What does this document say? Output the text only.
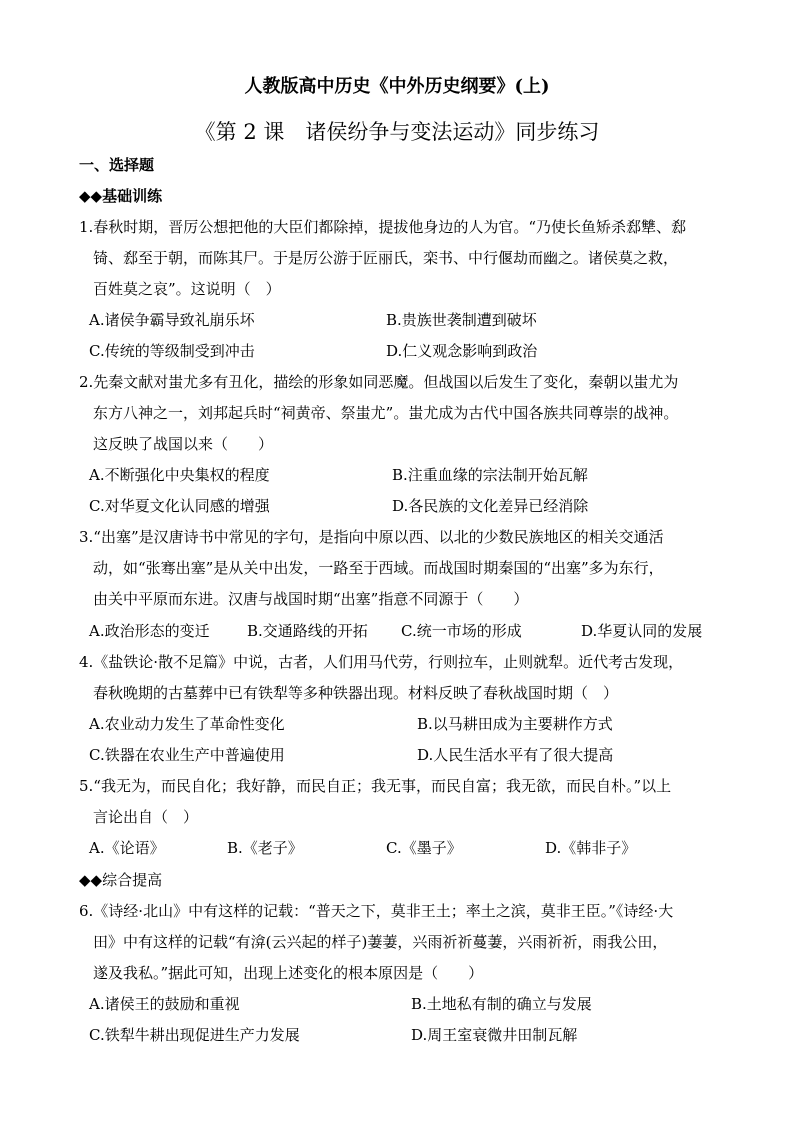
人教版高中历史《中外历史纲要》(上)
《第 2 课　诸侯纷争与变法运动》同步练习
一、选择题
◆◆基础训练
1.春秋时期，晋厉公想把他的大臣们都除掉，提拔他身边的人为官。“乃使长鱼矫杀郄犨、郄
锜、郄至于朝，而陈其尸。于是厉公游于匠丽氏，栾书、中行偃劫而幽之。诸侯莫之救，
百姓莫之哀”。这说明（　）
A.诸侯争霸导致礼崩乐坏	B.贵族世袭制遭到破坏
C.传统的等级制受到冲击	D.仁义观念影响到政治
2.先秦文献对蚩尤多有丑化，描绘的形象如同恶魔。但战国以后发生了变化，秦朝以蚩尤为
东方八神之一，刘邦起兵时“祠黄帝、祭蚩尤”。蚩尤成为古代中国各族共同尊崇的战神。
这反映了战国以来（　　）
A.不断强化中央集权的程度	B.注重血缘的宗法制开始瓦解
C.对华夏文化认同感的增强	D.各民族的文化差异已经消除
3.“出塞”是汉唐诗书中常见的字句，是指向中原以西、以北的少数民族地区的相关交通活
动，如“张骞出塞”是从关中出发，一路至于西域。而战国时期秦国的“出塞”多为东行，
由关中平原而东进。汉唐与战国时期“出塞”指意不同源于（　　）
A.政治形态的变迁 B.交通路线的开拓 C.统一市场的形成	D.华夏认同的发展
4.《盐铁论·散不足篇》中说，古者，人们用马代劳，行则拉车，止则就犁。近代考古发现，
春秋晚期的古墓葬中已有铁犁等多种铁器出现。材料反映了春秋战国时期（　）
A.农业动力发生了革命性变化	B.以马耕田成为主要耕作方式
C.铁器在农业生产中普遍使用	D.人民生活水平有了很大提高
5.“我无为，而民自化；我好静，而民自正；我无事，而民自富；我无欲，而民自朴。”以上
言论出自（　）
A.《论语》	B.《老子》	C.《墨子》	D.《韩非子》
◆◆综合提高
6.《诗经·北山》中有这样的记载：“普天之下，莫非王土；率土之滨，莫非王臣。”《诗经·大
田》中有这样的记载“有渰(云兴起的样子)萋萋，兴雨祈祈蔓萋，兴雨祈祈，雨我公田，
遂及我私。”据此可知，出现上述变化的根本原因是（　　）
A.诸侯王的鼓励和重视	B.土地私有制的确立与发展
C.铁犁牛耕出现促进生产力发展	D.周王室衰微井田制瓦解
